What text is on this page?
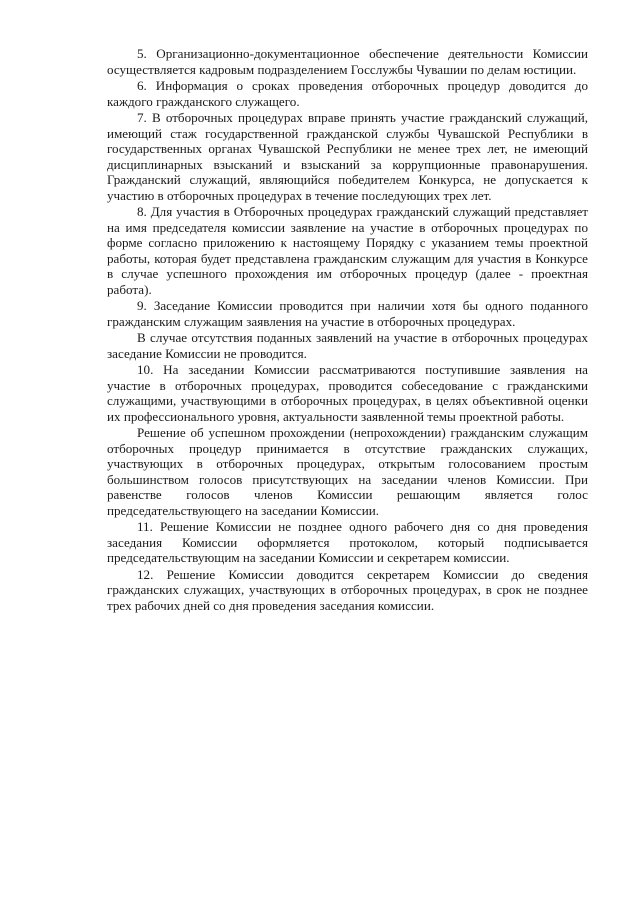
5. Организационно-документационное обеспечение деятельности Комиссии осуществляется кадровым подразделением Госслужбы Чувашии по делам юстиции.

6. Информация о сроках проведения отборочных процедур доводится до каждого гражданского служащего.

7. В отборочных процедурах вправе принять участие гражданский служащий, имеющий стаж государственной гражданской службы Чувашской Республики в государственных органах Чувашской Республики не менее трех лет, не имеющий дисциплинарных взысканий и взысканий за коррупционные правонарушения. Гражданский служащий, являющийся победителем Конкурса, не допускается к участию в отборочных процедурах в течение последующих трех лет.

8. Для участия в Отборочных процедурах гражданский служащий представляет на имя председателя комиссии заявление на участие в отборочных процедурах по форме согласно приложению к настоящему Порядку с указанием темы проектной работы, которая будет представлена гражданским служащим для участия в Конкурсе в случае успешного прохождения им отборочных процедур (далее - проектная работа).

9. Заседание Комиссии проводится при наличии хотя бы одного поданного гражданским служащим заявления на участие в отборочных процедурах.

В случае отсутствия поданных заявлений на участие в отборочных процедурах заседание Комиссии не проводится.

10. На заседании Комиссии рассматриваются поступившие заявления на участие в отборочных процедурах, проводится собеседование с гражданскими служащими, участвующими в отборочных процедурах, в целях объективной оценки их профессионального уровня, актуальности заявленной темы проектной работы.

Решение об успешном прохождении (непрохождении) гражданским служащим отборочных процедур принимается в отсутствие гражданских служащих, участвующих в отборочных процедурах, открытым голосованием простым большинством голосов присутствующих на заседании членов Комиссии. При равенстве голосов членов Комиссии решающим является голос председательствующего на заседании Комиссии.

11. Решение Комиссии не позднее одного рабочего дня со дня проведения заседания Комиссии оформляется протоколом, который подписывается председательствующим на заседании Комиссии и секретарем комиссии.

12. Решение Комиссии доводится секретарем Комиссии до сведения гражданских служащих, участвующих в отборочных процедурах, в срок не позднее трех рабочих дней со дня проведения заседания комиссии.
